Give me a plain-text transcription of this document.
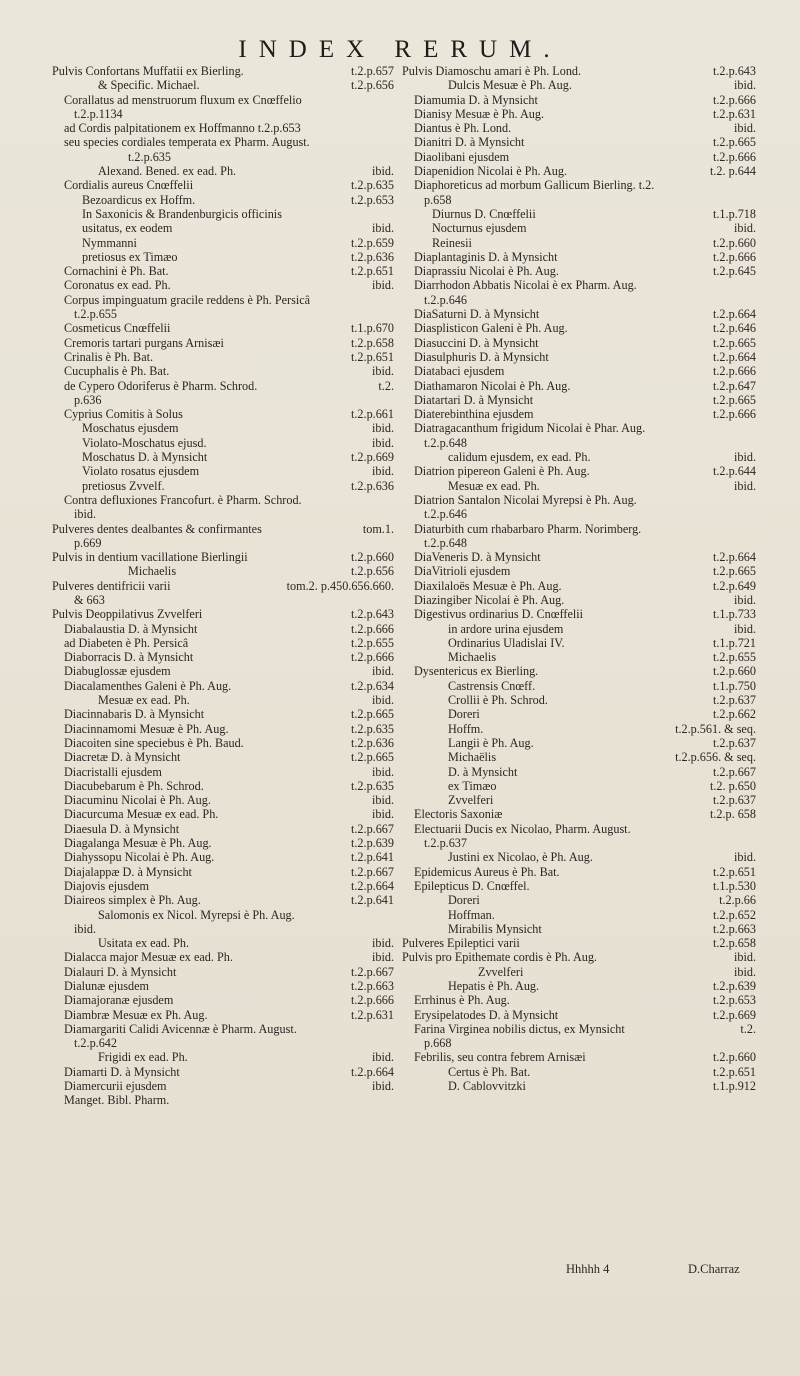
INDEX RERUM.
Pulvis Confortans Muffatii ex Bierling.	t.2.p.657
& Specific. Michael.	t.2.p.656
Corallatus ad menstruorum fluxum ex Cnœffelio
t.2.p.1134
ad Cordis palpitationem ex Hoffmanno t.2.p.653
seu species cordiales temperata ex Pharm. August.
t.2.p.635
Alexand. Bened. ex ead. Ph.	ibid.
Cordialis aureus Cnœffelii	t.2.p.635
Bezoardicus ex Hoffm.	t.2.p.653
In Saxonicis & Brandenburgicis officinis
usitatus, ex eodem	ibid.
Nymmanni	t.2.p.659
pretiosus ex Timæo	t.2.p.636
Cornachini è Ph. Bat.	t.2.p.651
Coronatus ex ead. Ph.	ibid.
Corpus impinguatum gracile reddens è Ph. Persicâ
t.2.p.655
Cosmeticus Cnœffelii	t.1.p.670
Cremoris tartari purgans Arnisæi	t.2.p.658
Crinalis è Ph. Bat.	t.2.p.651
Cucuphalis è Ph. Bat.	ibid.
de Cypero Odoriferus è Pharm. Schrod.	t.2.
p.636
Cyprius Comitis à Solus	t.2.p.661
Moschatus ejusdem	ibid.
Violato-Moschatus ejusd.	ibid.
Moschatus D. à Mynsicht	t.2.p.669
Violato rosatus ejusdem	ibid.
pretiosus Zvvelf.	t.2.p.636
Contra defluxiones Francofurt. è Pharm. Schrod.
ibid.
Pulveres dentes dealbantes & confirmantes	tom.1.
p.669
Pulvis in dentium vacillatione Bierlingii	t.2.p.660
Michaelis	t.2.p.656
Pulveres dentifricii varii	tom.2. p.450.656.660.
& 663
Pulvis Deoppilativus Zvvelferi	t.2.p.643
Diabalaustia D. à Mynsicht	t.2.p.666
ad Diabeten è Ph. Persicâ	t.2.p.655
Diaborracis D. à Mynsicht	t.2.p.666
Diabuglossæ ejusdem	ibid.
Diacalamenthes Galeni è Ph. Aug.	t.2.p.634
Mesuæ ex ead. Ph.	ibid.
Diacinnabaris D. à Mynsicht	t.2.p.665
Diacinnamomi Mesuæ è Ph. Aug.	t.2.p.635
Diacoiten sine speciebus è Ph. Baud.	t.2.p.636
Diacretæ D. à Mynsicht	t.2.p.665
Diacristalli ejusdem	ibid.
Diacubebarum è Ph. Schrod.	t.2.p.635
Diacuminu Nicolai è Ph. Aug.	ibid.
Diacurcuma Mesuæ ex ead. Ph.	ibid.
Diaesula D. à Mynsicht	t.2.p.667
Diagalanga Mesuæ è Ph. Aug.	t.2.p.639
Diahyssopu Nicolai è Ph. Aug.	t.2.p.641
Diajalappæ D. à Mynsicht	t.2.p.667
Diajovis ejusdem	t.2.p.664
Diaireos simplex è Ph. Aug.	t.2.p.641
Salomonis ex Nicol. Myrepsi è Ph. Aug.
ibid.
Usitata ex ead. Ph.	ibid.
Dialacca major Mesuæ ex ead. Ph.	ibid.
Dialauri D. à Mynsicht	t.2.p.667
Dialunæ ejusdem	t.2.p.663
Diamajoranæ ejusdem	t.2.p.666
Diambræ Mesuæ ex Ph. Aug.	t.2.p.631
Diamargariti Calidi Avicennæ è Pharm. August.
t.2.p.642
Frigidi ex ead. Ph.	ibid.
Diamarti D. à Mynsicht	t.2.p.664
Diamercurii ejusdem	ibid.
Manget. Bibl. Pharm.
Pulvis Diamoschu amari è Ph. Lond.	t.2.p.643
Dulcis Mesuæ è Ph. Aug.	ibid.
Diamumia D. à Mynsicht	t.2.p.666
Dianisy Mesuæ è Ph. Aug.	t.2.p.631
Diantus è Ph. Lond.	ibid.
Dianitri D. à Mynsicht	t.2.p.665
Diaolibani ejusdem	t.2.p.666
Diapenidion Nicolai è Ph. Aug.	t.2. p.644
Diaphoreticus ad morbum Gallicum Bierling. t.2.
p.658
Diurnus D. Cnœffelii	t.1.p.718
Nocturnus ejusdem	ibid.
Reinesii	t.2.p.660
Diaplantaginis D. à Mynsicht	t.2.p.666
Diaprassiu Nicolai è Ph. Aug.	t.2.p.645
Diarrhodon Abbatis Nicolai è ex Pharm. Aug.
t.2.p.646
DiaSaturni D. à Mynsicht	t.2.p.664
Diasplisticon Galeni è Ph. Aug.	t.2.p.646
Diasuccini D. à Mynsicht	t.2.p.665
Diasulphuris D. à Mynsicht	t.2.p.664
Diatabaci ejusdem	t.2.p.666
Diathamaron Nicolai è Ph. Aug.	t.2.p.647
Diatartari D. à Mynsicht	t.2.p.665
Diaterebinthina ejusdem	t.2.p.666
Diatragacanthum frigidum Nicolai è Phar. Aug.
t.2.p.648
calidum ejusdem, ex ead. Ph.	ibid.
Diatrion pipereon Galeni è Ph. Aug.	t.2.p.644
Mesuæ ex ead. Ph.	ibid.
Diatrion Santalon Nicolai Myrepsi è Ph. Aug.
t.2.p.646
Diaturbith cum rhabarbaro Pharm. Norimberg.
t.2.p.648
DiaVeneris D. à Mynsicht	t.2.p.664
DiaVitrioli ejusdem	t.2.p.665
Diaxilaloës Mesuæ è Ph. Aug.	t.2.p.649
Diazingiber Nicolai è Ph. Aug.	ibid.
Digestivus ordinarius D. Cnœffelii	t.1.p.733
in ardore urina ejusdem	ibid.
Ordinarius Uladislai IV.	t.1.p.721
Michaelis	t.2.p.655
Dysentericus ex Bierling.	t.2.p.660
Castrensis Cnœff.	t.1.p.750
Crollii è Ph. Schrod.	t.2.p.637
Doreri	t.2.p.662
Hoffm.	t.2.p.561. & seq.
Langii è Ph. Aug.	t.2.p.637
Michaëlis	t.2.p.656. & seq.
D. à Mynsicht	t.2.p.667
ex Timæo	t.2. p.650
Zvvelferi	t.2.p.637
Electoris Saxoniæ	t.2.p. 658
Electuarii Ducis ex Nicolao, Pharm. August.
t.2.p.637
Justini ex Nicolao, è Ph. Aug.	ibid.
Epidemicus Aureus è Ph. Bat.	t.2.p.651
Epilepticus D. Cnœffel.	t.1.p.530
Doreri	t.2.p.66
Hoffman.	t.2.p.652
Mirabilis Mynsicht	t.2.p.663
Pulveres Epileptici varii	t.2.p.658
Pulvis pro Epithemate cordis è Ph. Aug.	ibid.
Zvvelferi	ibid.
Hepatis è Ph. Aug.	t.2.p.639
Errhinus è Ph. Aug.	t.2.p.653
Erysipelatodes D. à Mynsicht	t.2.p.669
Farina Virginea nobilis dictus, ex Mynsicht	t.2.
p.668
Febrilis, seu contra febrem Arnisæi	t.2.p.660
Certus è Ph. Bat.	t.2.p.651
D. Cablovvitzki	t.1.p.912
Hhhhh 4	D.Charraz
